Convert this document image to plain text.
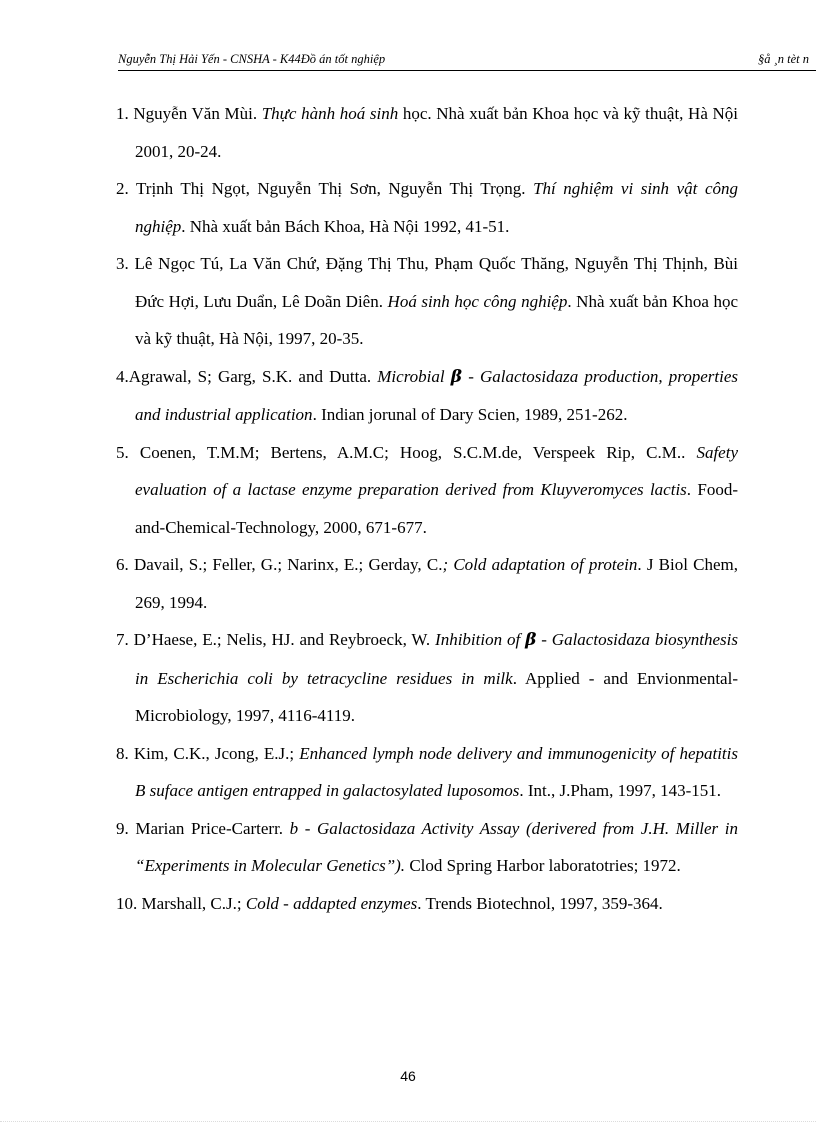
Nguyễn Thị Hải Yến - CNSHA - K44Đồ án tốt nghiệp	§å ¸n tèt n
1. Nguyễn Văn Mùi. Thực hành hoá sinh học. Nhà xuất bản Khoa học và kỹ thuật, Hà Nội 2001, 20-24.
2. Trịnh Thị Ngọt, Nguyễn Thị Sơn, Nguyễn Thị Trọng. Thí nghiệm vi sinh vật công nghiệp. Nhà xuất bản Bách Khoa, Hà Nội 1992, 41-51.
3. Lê Ngọc Tú, La Văn Chứ, Đặng Thị Thu, Phạm Quốc Thăng, Nguyễn Thị Thịnh, Bùi Đức Hợi, Lưu Duẩn, Lê Doãn Diên. Hoá sinh học công nghiệp. Nhà xuất bản Khoa học và kỹ thuật, Hà Nội, 1997, 20-35.
4.Agrawal, S; Garg, S.K. and Dutta. Microbial β - Galactosidaza production, properties and industrial application. Indian jorunal of Dary Scien, 1989, 251-262.
5. Coenen, T.M.M; Bertens, A.M.C; Hoog, S.C.M.de, Verspeek Rip, C.M.. Safety evaluation of a lactase enzyme preparation derived from Kluyveromyces lactis. Food-and-Chemical-Technology, 2000, 671-677.
6. Davail, S.; Feller, G.; Narinx, E.; Gerday, C.; Cold adaptation of protein. J Biol Chem, 269, 1994.
7. D’Haese, E.; Nelis, HJ. and Reybroeck, W. Inhibition of β - Galactosidaza biosynthesis in Escherichia coli by tetracycline residues in milk. Applied - and Envionmental-Microbiology, 1997, 4116-4119.
8. Kim, C.K., Jcong, E.J.; Enhanced lymph node delivery and immunogenicity of hepatitis B suface antigen entrapped in galactosylated luposomos. Int., J.Pham, 1997, 143-151.
9. Marian Price-Carterr. b - Galactosidaza Activity Assay (derivered from J.H. Miller in “Experiments in Molecular Genetics”). Clod Spring Harbor laboratotries; 1972.
10. Marshall, C.J.; Cold - addapted enzymes. Trends Biotechnol, 1997, 359-364.
46
